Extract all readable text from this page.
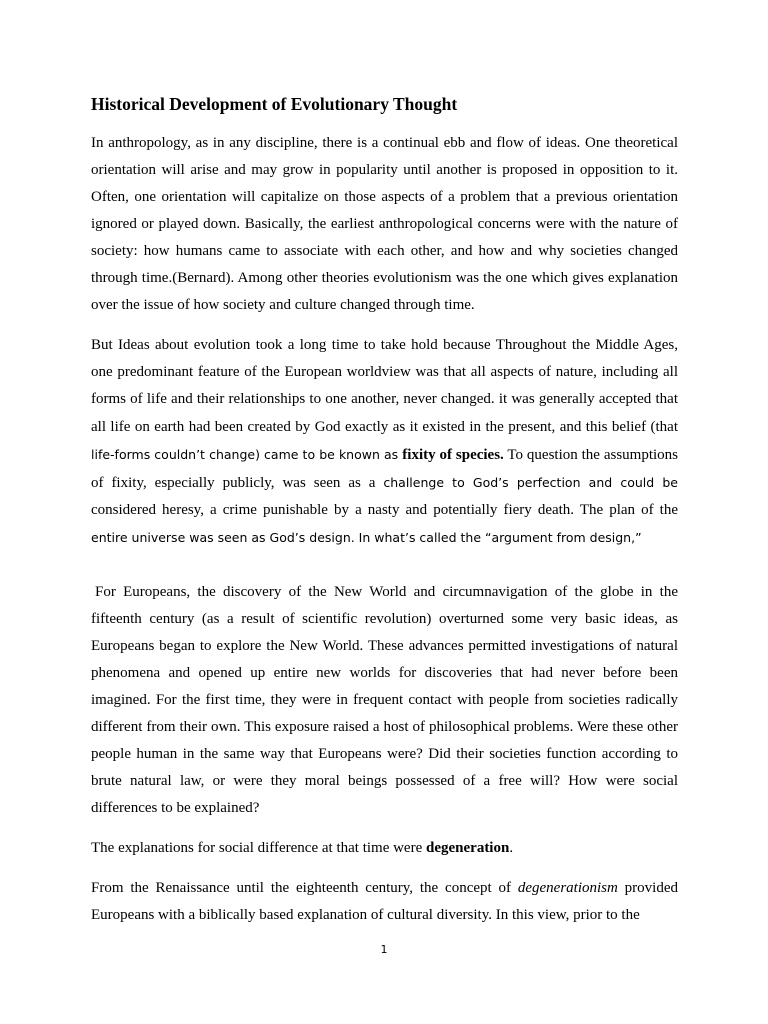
Historical Development of Evolutionary Thought

In anthropology, as in any discipline, there is a continual ebb and flow of ideas. One theoretical orientation will arise and may grow in popularity until another is proposed in opposition to it. Often, one orientation will capitalize on those aspects of a problem that a previous orientation ignored or played down. Basically, the earliest anthropological concerns were with the nature of society: how humans came to associate with each other, and how and why societies changed through time.(Bernard). Among other theories evolutionism was the one which gives explanation over the issue of how society and culture changed through time.

But Ideas about evolution took a long time to take hold because Throughout the Middle Ages, one predominant feature of the European worldview was that all aspects of nature, including all forms of life and their relationships to one another, never changed. it was generally accepted that all life on earth had been created by God exactly as it existed in the present, and this belief (that life-forms couldn’t change) came to be known as fixity of species. To question the assumptions of fixity, especially publicly, was seen as a challenge to God’s perfection and could be considered heresy, a crime punishable by a nasty and potentially fiery death. The plan of the entire universe was seen as God’s design. In what’s called the “argument from design,”

For Europeans, the discovery of the New World and circumnavigation of the globe in the fifteenth century (as a result of scientific revolution) overturned some very basic ideas, as Europeans began to explore the New World. These advances permitted investigations of natural phenomena and opened up entire new worlds for discoveries that had never before been imagined. For the first time, they were in frequent contact with people from societies radically different from their own. This exposure raised a host of philosophical problems. Were these other people human in the same way that Europeans were? Did their societies function according to brute natural law, or were they moral beings possessed of a free will? How were social differences to be explained?

The explanations for social difference at that time were degeneration.

From the Renaissance until the eighteenth century, the concept of degenerationism provided Europeans with a biblically based explanation of cultural diversity. In this view, prior to the

1
